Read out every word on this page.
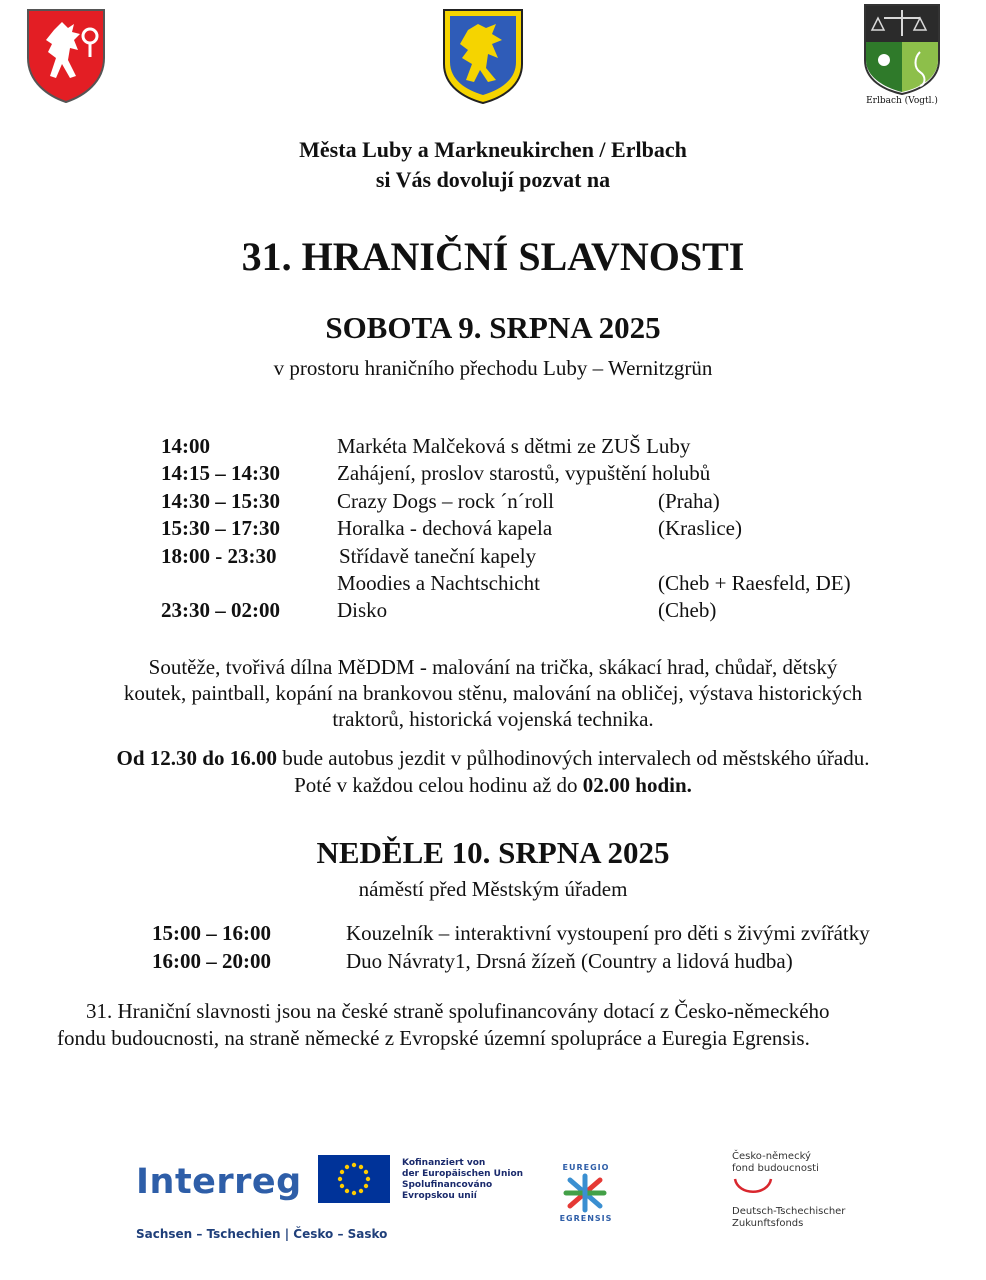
Erlbach (Vogtl.)
Města Luby a Markneukirchen / Erlbach
si Vás dovolují pozvat na
31. HRANIČNÍ SLAVNOSTI
SOBOTA 9. SRPNA 2025
v prostoru hraničního přechodu Luby – Wernitzgrün
14:00	Markéta Malčeková s dětmi ze ZUŠ Luby
14:15 – 14:30	Zahájení, proslov starostů, vypuštění holubů
14:30 – 15:30	Crazy Dogs – rock ´n´roll	(Praha)
15:30 – 17:30	Horalka - dechová kapela	(Kraslice)
18:00 - 23:30	Střídavě taneční kapely
Moodies a Nachtschicht	(Cheb + Raesfeld, DE)
23:30 – 02:00	Disko	(Cheb)
Soutěže, tvořivá dílna MěDDM - malování na trička, skákací hrad, chůdař, dětský
koutek, paintball, kopání na brankovou stěnu, malování na obličej, výstava historických
traktorů, historická vojenská technika.
Od 12.30 do 16.00 bude autobus jezdit v půlhodinových intervalech od městského úřadu.
Poté v každou celou hodinu až do 02.00 hodin.
NEDĚLE 10. SRPNA 2025
náměstí před Městským úřadem
15:00 – 16:00	Kouzelník – interaktivní vystoupení pro děti s živými zvířátky
16:00 – 20:00	Duo Návraty1, Drsná žízeň (Country a lidová hudba)
31. Hraniční slavnosti jsou na české straně spolufinancovány dotací z Česko-německého
fondu budoucnosti, na straně německé z Evropské územní spolupráce a Euregia Egrensis.
Interreg	Kofinanziert von
der Europäischen Union
Spolufinancováno
Evropskou unií
Sachsen – Tschechien | Česko – Sasko
EUREGIO
EGRENSIS
Česko-německý
fond budoucnosti
Deutsch-Tschechischer
Zukunftsfonds
